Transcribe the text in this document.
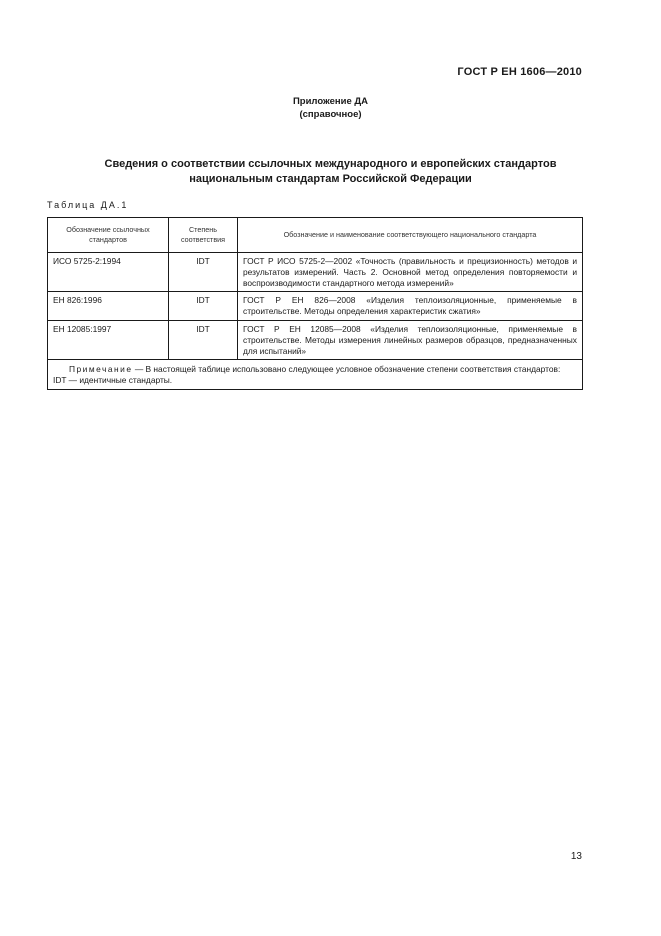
ГОСТ Р ЕН 1606—2010
Приложение ДА
(справочное)
Сведения о соответствии ссылочных международного и европейских стандартов
национальным стандартам Российской Федерации
Таблица ДА.1
Обозначение ссылочных стандартов	Степень соответствия	Обозначение и наименование соответствующего национального стандарта
ИСО 5725-2:1994	IDT	ГОСТ Р ИСО 5725-2—2002 «Точность (правильность и прецизионность) методов и результатов измерений. Часть 2. Основной метод определения повторяемости и воспроизводимости стандартного метода измерений»
ЕН 826:1996	IDT	ГОСТ Р ЕН 826—2008 «Изделия теплоизоляционные, применяемые в строительстве. Методы определения характеристик сжатия»
ЕН 12085:1997	IDT	ГОСТ Р ЕН 12085—2008 «Изделия теплоизоляционные, применяемые в строительстве. Методы измерения линейных размеров образцов, предназначенных для испытаний»

Примечание — В настоящей таблице использовано следующее условное обозначение степени соответствия стандартов:
IDT — идентичные стандарты.		
13
